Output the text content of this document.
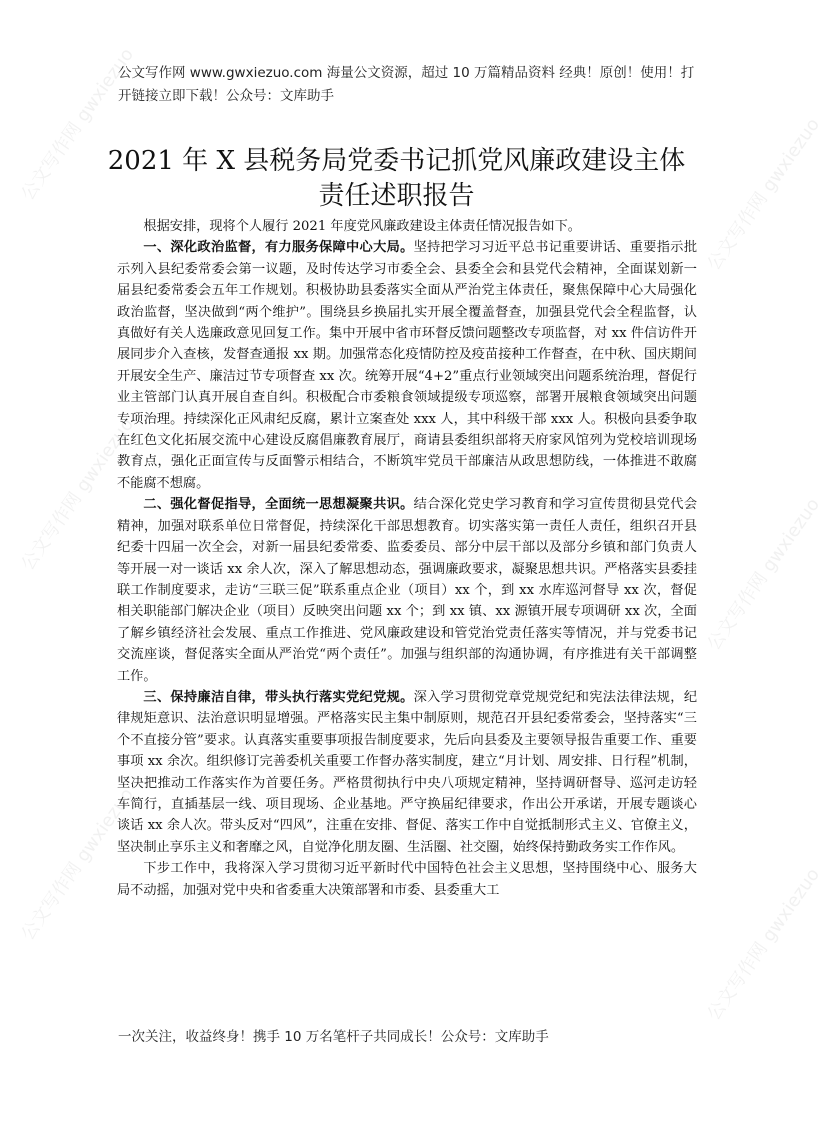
公文写作网 gwxiezuo
公文写作网 gwxiezuo
公文写作网 gwxiezuo
公文写作网 gwxiezuo
公文写作网 gwxiezuo
公文写作网 gwxiezuo
公文写作网 www.gwxiezuo.com 海量公文资源，超过 10 万篇精品资料 经典！原创！使用！打开链接立即下载！公众号：文库助手
2021 年 X 县税务局党委书记抓党风廉政建设主体责任述职报告

根据安排，现将个人履行 2021 年度党风廉政建设主体责任情况报告如下。

一、深化政治监督，有力服务保障中心大局。坚持把学习习近平总书记重要讲话、重要指示批示列入县纪委常委会第一议题，及时传达学习市委全会、县委全会和县党代会精神，全面谋划新一届县纪委常委会五年工作规划。积极协助县委落实全面从严治党主体责任，聚焦保障中心大局强化政治监督，坚决做到“两个维护”。围绕县乡换届扎实开展全覆盖督查，加强县党代会全程监督，认真做好有关人选廉政意见回复工作。集中开展中省市环督反馈问题整改专项监督，对 xx 件信访件开展同步介入查核，发督查通报 xx 期。加强常态化疫情防控及疫苗接种工作督查，在中秋、国庆期间开展安全生产、廉洁过节专项督查 xx 次。统筹开展“4+2”重点行业领域突出问题系统治理，督促行业主管部门认真开展自查自纠。积极配合市委粮食领域提级专项巡察，部署开展粮食领域突出问题专项治理。持续深化正风肃纪反腐，累计立案查处 xxx 人，其中科级干部 xxx 人。积极向县委争取在红色文化拓展交流中心建设反腐倡廉教育展厅，商请县委组织部将天府家风馆列为党校培训现场教育点，强化正面宣传与反面警示相结合，不断筑牢党员干部廉洁从政思想防线，一体推进不敢腐不能腐不想腐。

二、强化督促指导，全面统一思想凝聚共识。结合深化党史学习教育和学习宣传贯彻县党代会精神，加强对联系单位日常督促，持续深化干部思想教育。切实落实第一责任人责任，组织召开县纪委十四届一次全会，对新一届县纪委常委、监委委员、部分中层干部以及部分乡镇和部门负责人等开展一对一谈话 xx 余人次，深入了解思想动态，强调廉政要求，凝聚思想共识。严格落实县委挂联工作制度要求，走访“三联三促”联系重点企业（项目）xx 个，到 xx 水库巡河督导 xx 次，督促相关职能部门解决企业（项目）反映突出问题 xx 个；到 xx 镇、xx 源镇开展专项调研 xx 次，全面了解乡镇经济社会发展、重点工作推进、党风廉政建设和管党治党责任落实等情况，并与党委书记交流座谈，督促落实全面从严治党“两个责任”。加强与组织部的沟通协调，有序推进有关干部调整工作。

三、保持廉洁自律，带头执行落实党纪党规。深入学习贯彻党章党规党纪和宪法法律法规，纪律规矩意识、法治意识明显增强。严格落实民主集中制原则，规范召开县纪委常委会，坚持落实“三个不直接分管”要求。认真落实重要事项报告制度要求，先后向县委及主要领导报告重要工作、重要事项 xx 余次。组织修订完善委机关重要工作督办落实制度，建立“月计划、周安排、日行程”机制，坚决把推动工作落实作为首要任务。严格贯彻执行中央八项规定精神，坚持调研督导、巡河走访轻车简行，直插基层一线、项目现场、企业基地。严守换届纪律要求，作出公开承诺，开展专题谈心谈话 xx 余人次。带头反对“四风”，注重在安排、督促、落实工作中自觉抵制形式主义、官僚主义，坚决制止享乐主义和奢靡之风，自觉净化朋友圈、生活圈、社交圈，始终保持勤政务实工作作风。

下步工作中，我将深入学习贯彻习近平新时代中国特色社会主义思想，坚持围绕中心、服务大局不动摇，加强对党中央和省委重大决策部署和市委、县委重大工

一次关注，收益终身！携手 10 万名笔杆子共同成长！公众号：文库助手
